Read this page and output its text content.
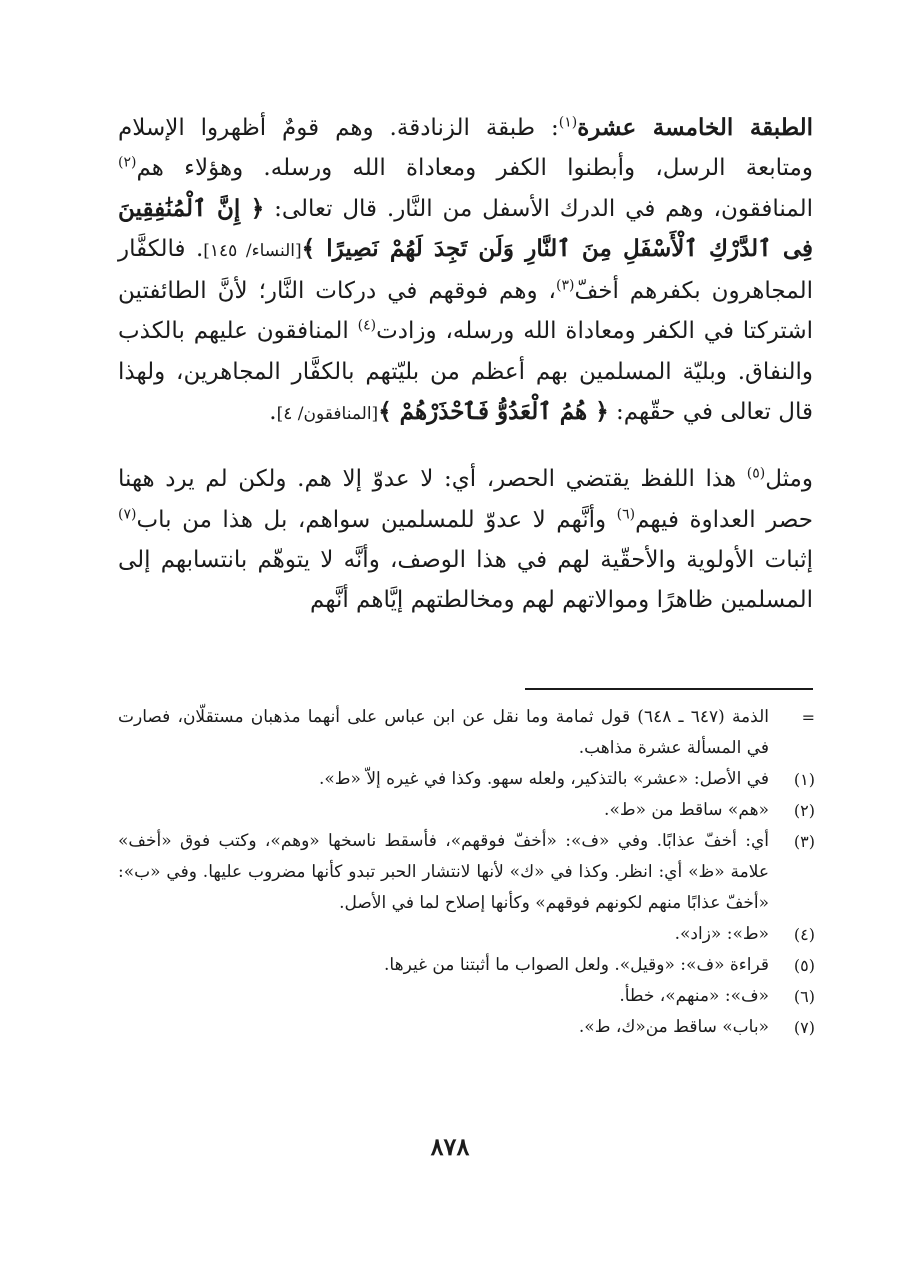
الطبقة الخامسة عشرة$^{(١)}$: طبقة الزنادقة. وهم قومٌ أظهروا الإسلام ومتابعة الرسل، وأبطنوا الكفر ومعاداة الله ورسله. وهؤلاء هم$^{(٢)}$ المنافقون، وهم في الدرك الأسفل من النَّار. قال تعالى: ﴿ إِنَّ ٱلْمُنَٰفِقِينَ فِى ٱلدَّرْكِ ٱلْأَسْفَلِ مِنَ ٱلنَّارِ وَلَن تَجِدَ لَهُمْ نَصِيرًا ﴾[النساء/ ١٤٥]. فالكفَّار المجاهرون بكفرهم أخفّ$^{(٣)}$، وهم فوقهم في دركات النَّار؛ لأنَّ الطائفتين اشتركتا في الكفر ومعاداة الله ورسله، وزادت$^{(٤)}$ المنافقون عليهم بالكذب والنفاق. وبليّة المسلمين بهم أعظم من بليّتهم بالكفَّار المجاهرين، ولهذا قال تعالى في حقّهم: ﴿ هُمُ ٱلْعَدُوُّ فَٱحْذَرْهُمْ ﴾[المنافقون/ ٤].

ومثل$^{(٥)}$ هذا اللفظ يقتضي الحصر، أي: لا عدوّ إلا هم. ولكن لم يرد ههنا حصر العداوة فيهم$^{(٦)}$ وأنَّهم لا عدوّ للمسلمين سواهم، بل هذا من باب$^{(٧)}$ إثبات الأولوية والأحقّية لهم في هذا الوصف، وأنَّه لا يتوهّم بانتسابهم إلى المسلمين ظاهرًا وموالاتهم لهم ومخالطتهم إيَّاهم أنَّهم

=
الذمة (٦٤٧ ـ ٦٤٨) قول ثمامة وما نقل عن ابن عباس على أنهما مذهبان مستقلّان، فصارت في المسألة عشرة مذاهب.
(١)
في الأصل: «عشر» بالتذكير، ولعله سهو. وكذا في غيره إلاّ «ط».
(٢)
«هم» ساقط من «ط».
(٣)
أي: أخفّ عذابًا. وفي «ف»: «أخفّ فوقهم»، فأسقط ناسخها «وهم»، وكتب فوق «أخف» علامة «ظ» أي: انظر. وكذا في «ك» لأنها لانتشار الحبر تبدو كأنها مضروب عليها. وفي «ب»: «أخفّ عذابًا منهم لكونهم فوقهم» وكأنها إصلاح لما في الأصل.
(٤)
«ط»: «زاد».
(٥)
قراءة «ف»: «وقيل». ولعل الصواب ما أثبتنا من غيرها.
(٦)
«ف»: «منهم»، خطأ.
(٧)
«باب» ساقط من«ك، ط».
٨٧٨
